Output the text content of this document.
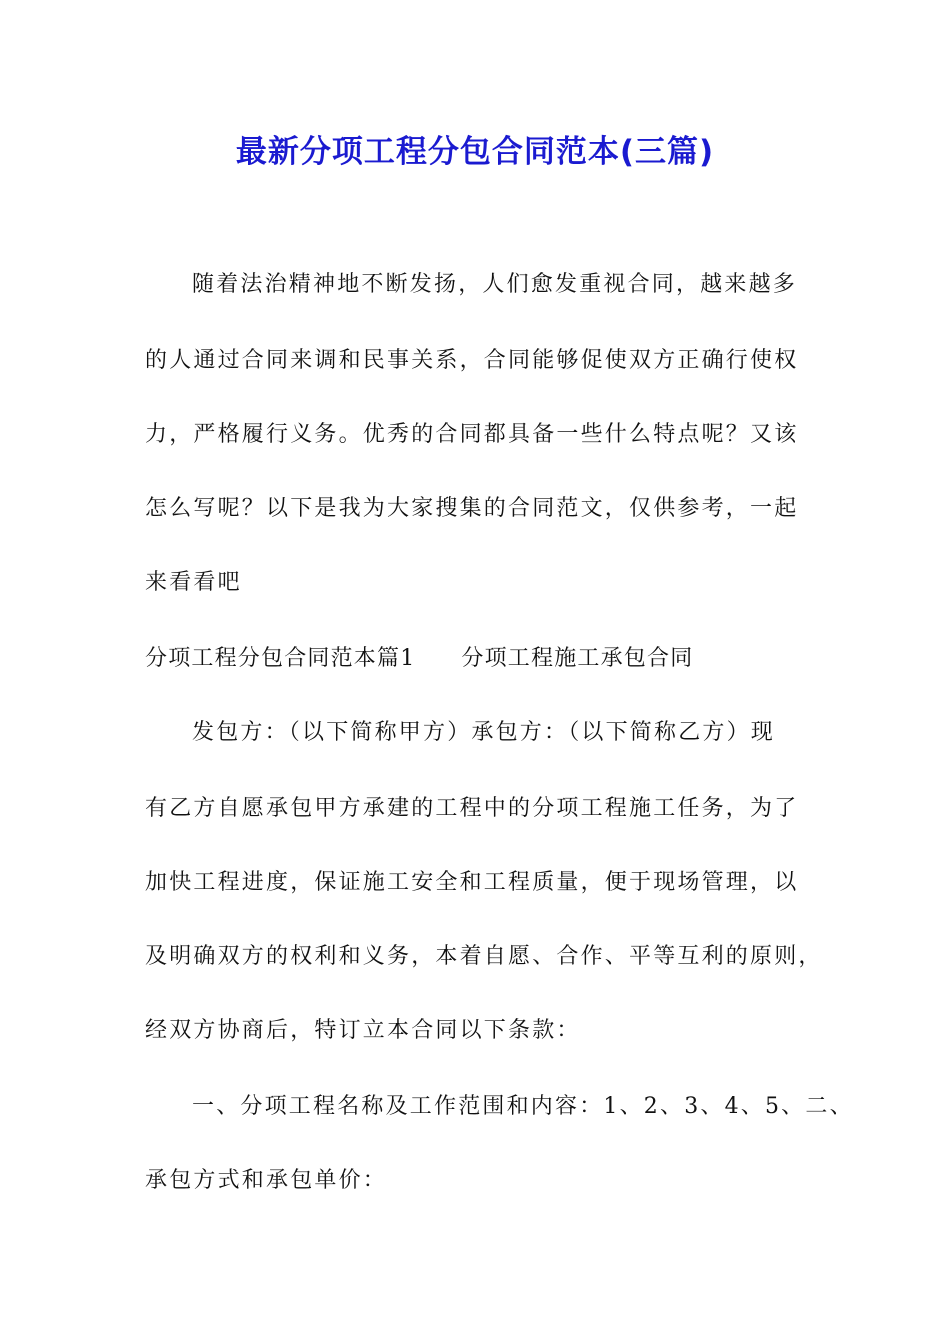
最新分项工程分包合同范本(三篇)
随着法治精神地不断发扬，人们愈发重视合同，越来越多
的人通过合同来调和民事关系，合同能够促使双方正确行使权
力，严格履行义务。优秀的合同都具备一些什么特点呢？又该
怎么写呢？以下是我为大家搜集的合同范文，仅供参考，一起
来看看吧
分项工程分包合同范本篇1 分项工程施工承包合同
发包方：（以下简称甲方）承包方：（以下简称乙方）现
有乙方自愿承包甲方承建的工程中的分项工程施工任务，为了
加快工程进度，保证施工安全和工程质量，便于现场管理，以
及明确双方的权利和义务，本着自愿、合作、平等互利的原则，
经双方协商后，特订立本合同以下条款：
一、分项工程名称及工作范围和内容：1、2、3、4、5、二、
承包方式和承包单价：
